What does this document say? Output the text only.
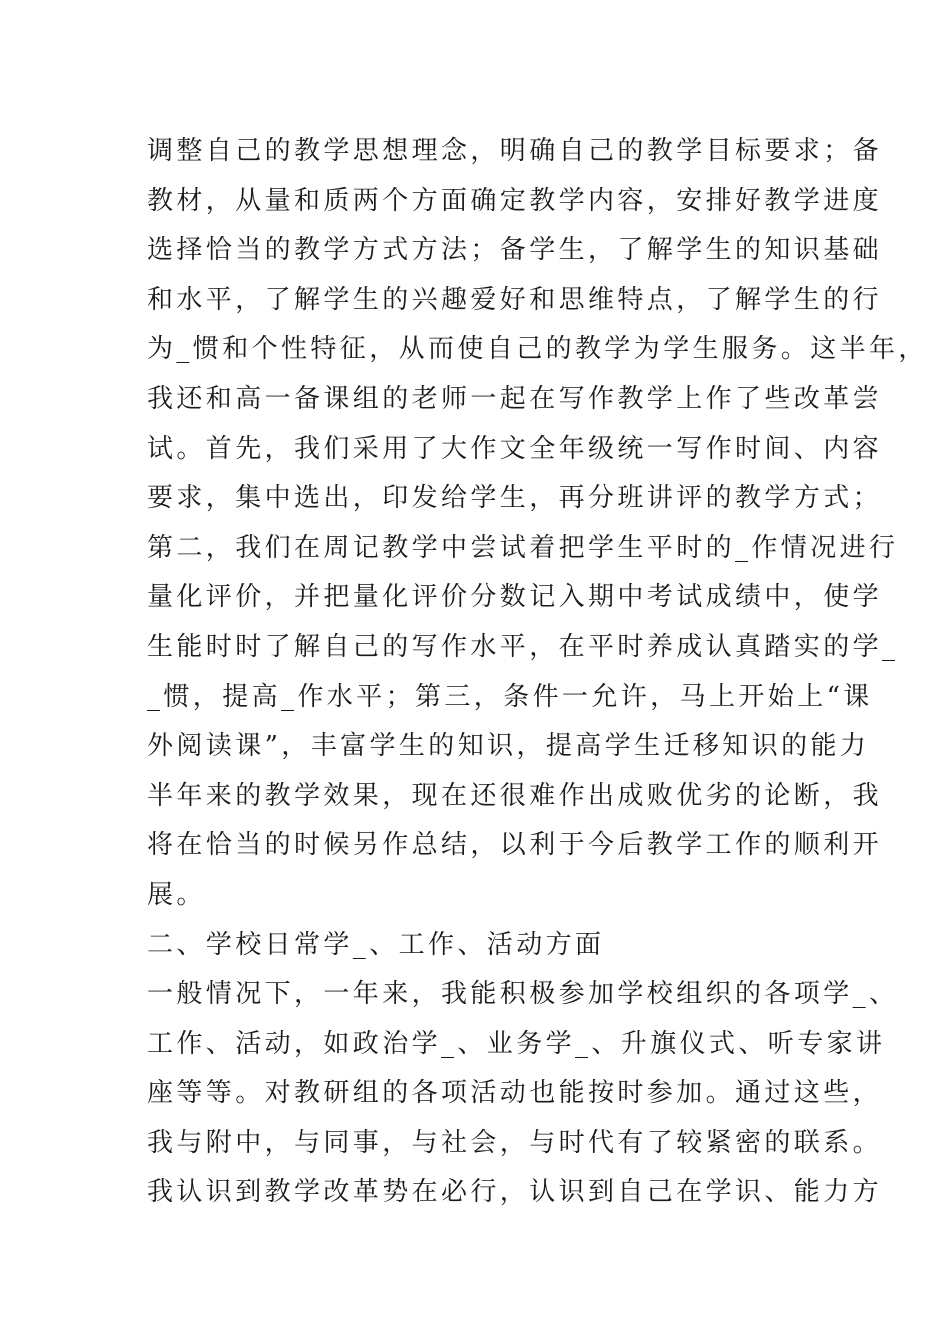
调整自己的教学思想理念，明确自己的教学目标要求；备
教材，从量和质两个方面确定教学内容，安排好教学进度
选择恰当的教学方式方法；备学生，了解学生的知识基础
和水平，了解学生的兴趣爱好和思维特点，了解学生的行
为_惯和个性特征，从而使自己的教学为学生服务。这半年，
我还和高一备课组的老师一起在写作教学上作了些改革尝
试。首先，我们采用了大作文全年级统一写作时间、内容
要求，集中选出，印发给学生，再分班讲评的教学方式；
第二，我们在周记教学中尝试着把学生平时的_作情况进行
量化评价，并把量化评价分数记入期中考试成绩中，使学
生能时时了解自己的写作水平，在平时养成认真踏实的学_
_惯，提高_作水平；第三，条件一允许，马上开始上“课
外阅读课”，丰富学生的知识，提高学生迁移知识的能力
半年来的教学效果，现在还很难作出成败优劣的论断，我
将在恰当的时候另作总结，以利于今后教学工作的顺利开
展。
二、学校日常学_、工作、活动方面
一般情况下，一年来，我能积极参加学校组织的各项学_、
工作、活动，如政治学_、业务学_、升旗仪式、听专家讲
座等等。对教研组的各项活动也能按时参加。通过这些，
我与附中，与同事，与社会，与时代有了较紧密的联系。
我认识到教学改革势在必行，认识到自己在学识、能力方
